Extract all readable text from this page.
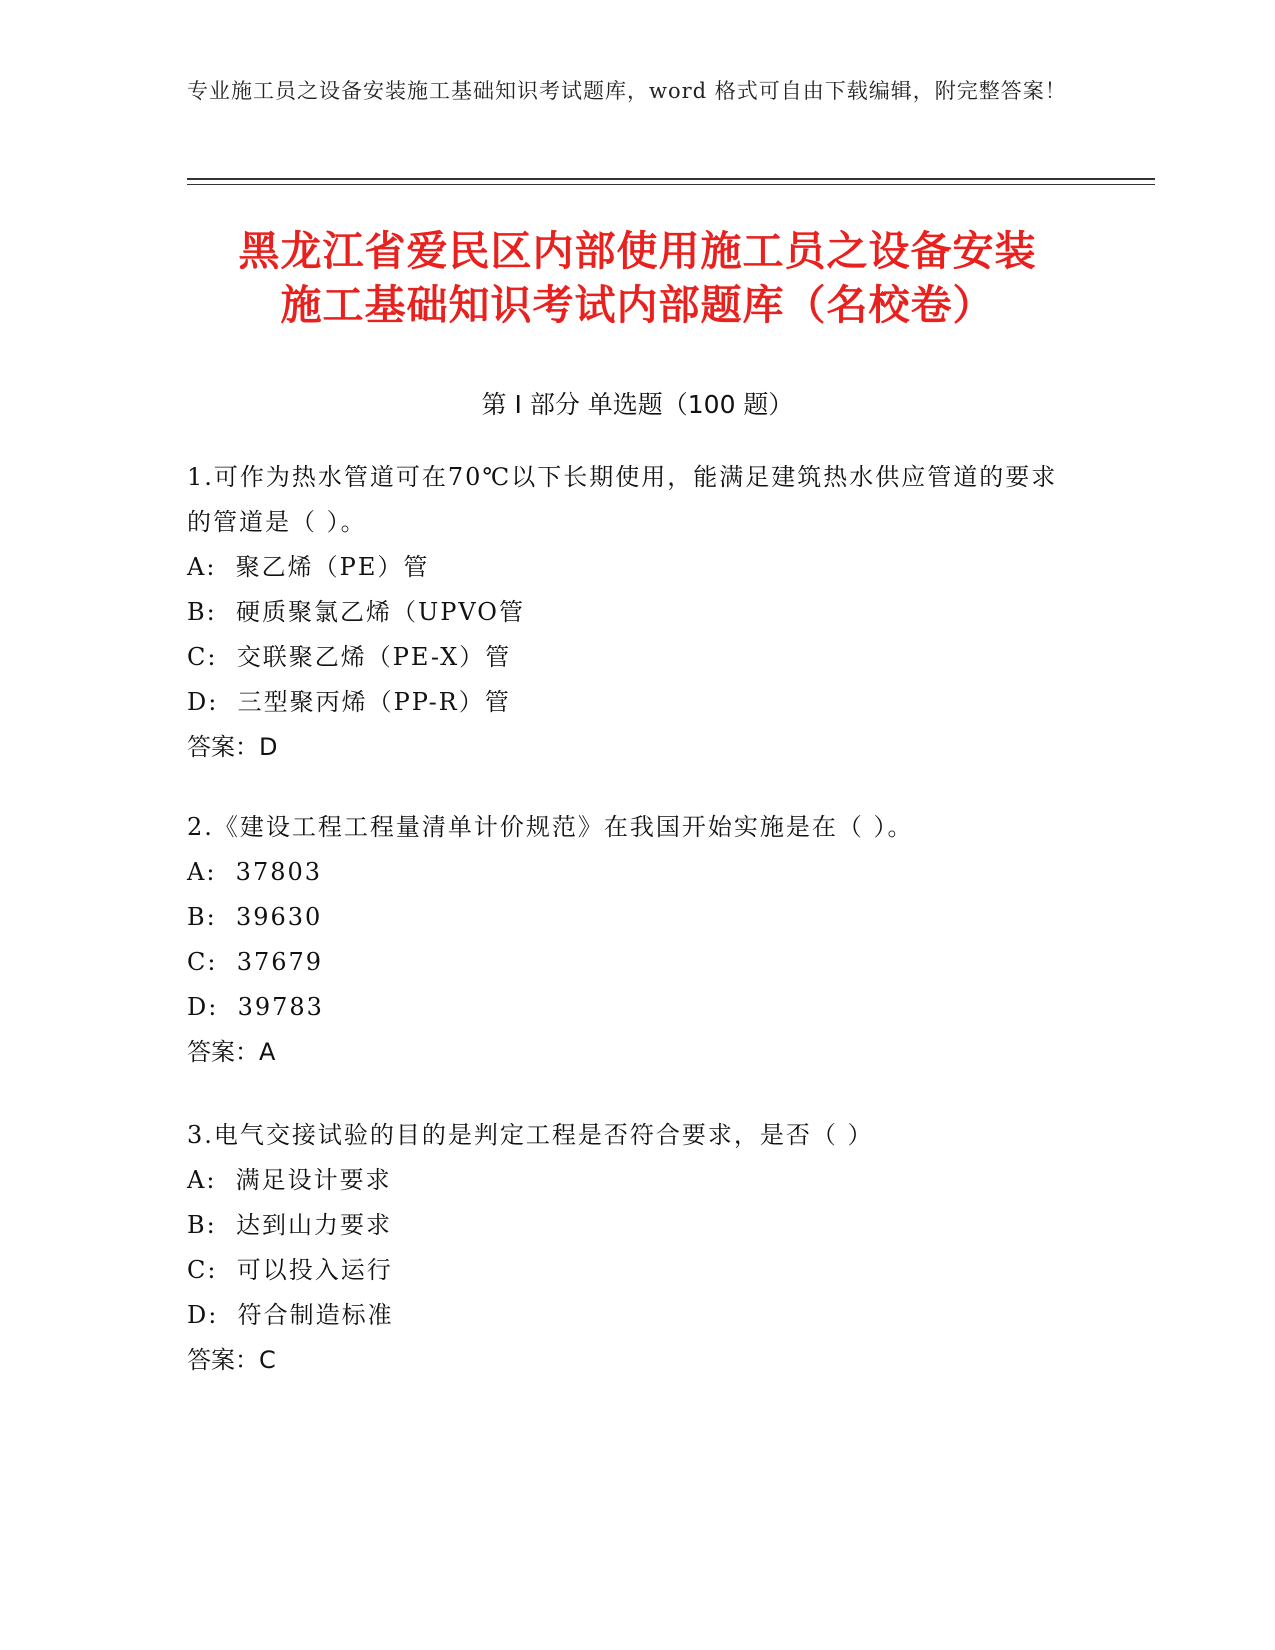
专业施工员之设备安装施工基础知识考试题库，word 格式可自由下载编辑，附完整答案！
黑龙江省爱民区内部使用施工员之设备安装
施工基础知识考试内部题库（名校卷）
第 I 部分 单选题（100 题）

1.可作为热水管道可在70℃以下长期使用，能满足建筑热水供应管道的要求的管道是（ ）。

A:  聚乙烯（PE）管

B:  硬质聚氯乙烯（UPVO管

C:  交联聚乙烯（PE-X）管

D:  三型聚丙烯（PP-R）管

答案：D

2.《建设工程工程量清单计价规范》在我国开始实施是在（ ）。

A:  37803

B:  39630

C:  37679

D:  39783

答案：A

3.电气交接试验的目的是判定工程是否符合要求，是否（ ）

A:  满足设计要求

B:  达到山力要求

C:  可以投入运行

D:  符合制造标准

答案：C
